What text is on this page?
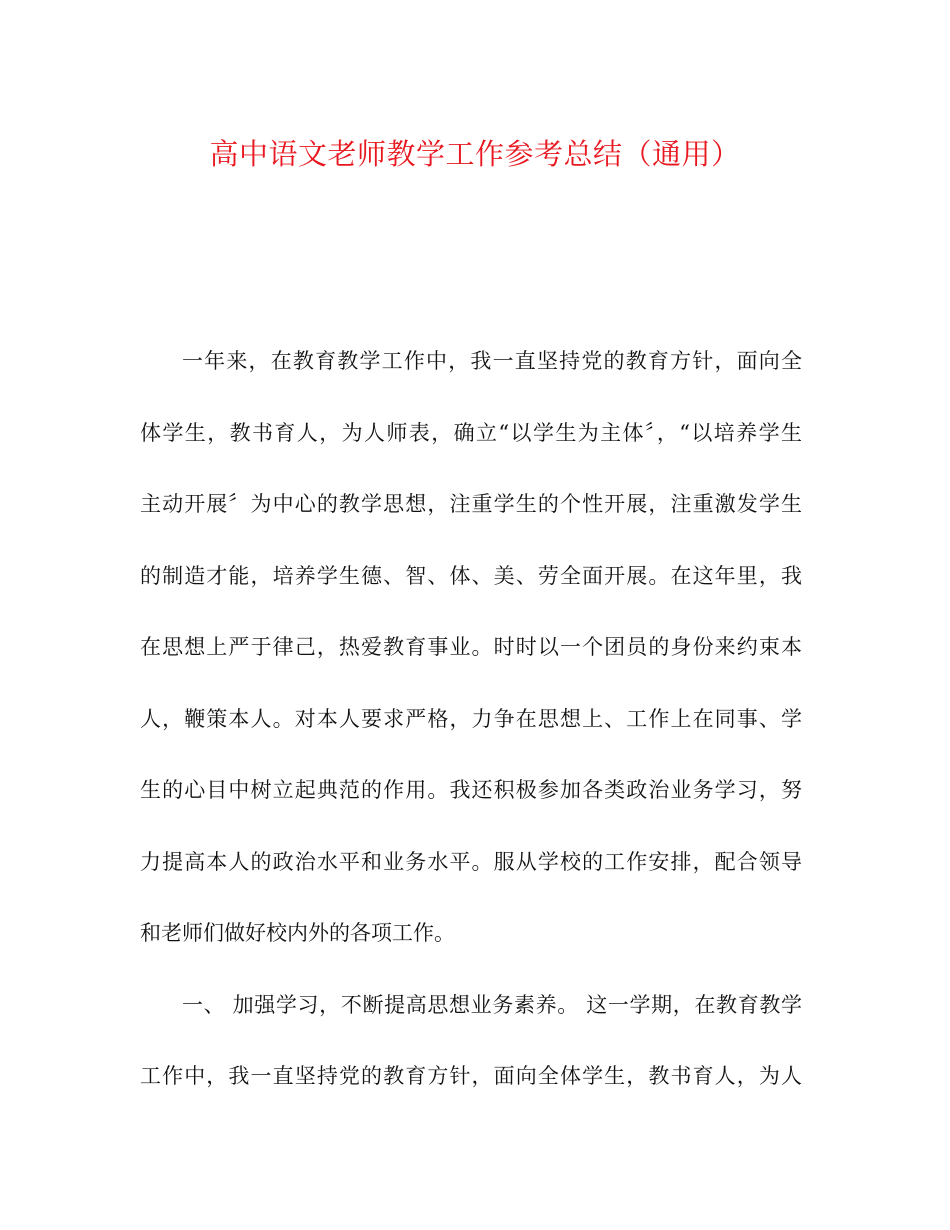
高中语文老师教学工作参考总结（通用）
一年来，在教育教学工作中，我一直坚持党的教育方针，面向全
体学生，教书育人，为人师表，确立“以学生为主体〞，“以培养学生
主动开展〞为中心的教学思想，注重学生的个性开展，注重激发学生
的制造才能，培养学生德、智、体、美、劳全面开展。在这年里，我
在思想上严于律己，热爱教育事业。时时以一个团员的身份来约束本
人，鞭策本人。对本人要求严格，力争在思想上、工作上在同事、学
生的心目中树立起典范的作用。我还积极参加各类政治业务学习，努
力提高本人的政治水平和业务水平。服从学校的工作安排，配合领导
和老师们做好校内外的各项工作。
一、 加强学习，不断提高思想业务素养。 这一学期，在教育教学
工作中，我一直坚持党的教育方针，面向全体学生，教书育人，为人
